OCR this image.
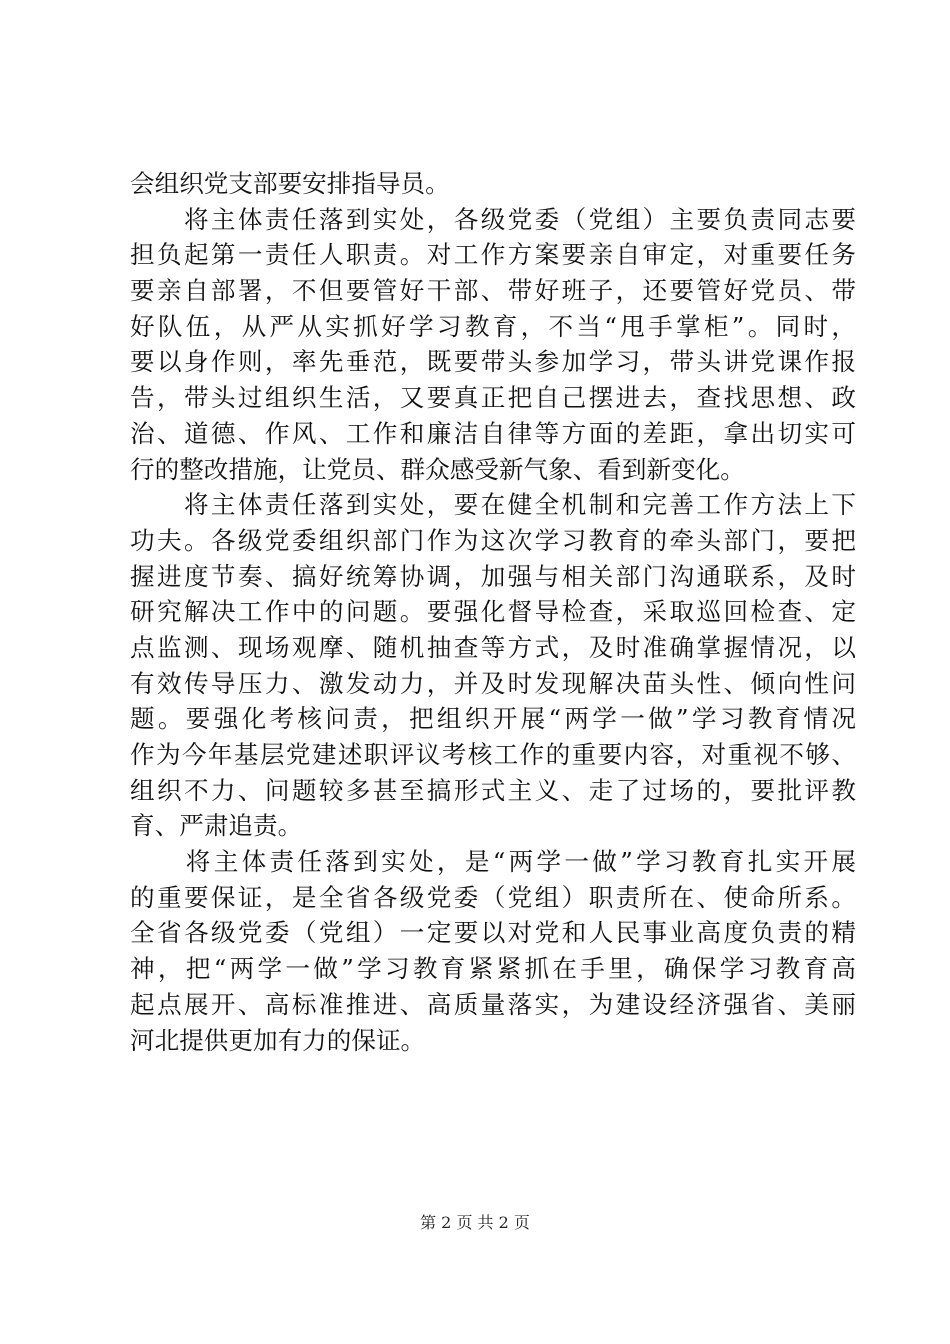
会组织党支部要安排指导员。
　　将主体责任落到实处，各级党委（党组）主要负责同志要
担负起第一责任人职责。对工作方案要亲自审定，对重要任务
要亲自部署，不但要管好干部、带好班子，还要管好党员、带
好队伍，从严从实抓好学习教育，不当“甩手掌柜”。同时，
要以身作则，率先垂范，既要带头参加学习，带头讲党课作报
告，带头过组织生活，又要真正把自己摆进去，查找思想、政
治、道德、作风、工作和廉洁自律等方面的差距，拿出切实可
行的整改措施，让党员、群众感受新气象、看到新变化。
　　将主体责任落到实处，要在健全机制和完善工作方法上下
功夫。各级党委组织部门作为这次学习教育的牵头部门，要把
握进度节奏、搞好统筹协调，加强与相关部门沟通联系，及时
研究解决工作中的问题。要强化督导检查，采取巡回检查、定
点监测、现场观摩、随机抽查等方式，及时准确掌握情况，以
有效传导压力、激发动力，并及时发现解决苗头性、倾向性问
题。要强化考核问责，把组织开展“两学一做”学习教育情况
作为今年基层党建述职评议考核工作的重要内容，对重视不够、
组织不力、问题较多甚至搞形式主义、走了过场的，要批评教
育、严肃追责。
　　将主体责任落到实处，是“两学一做”学习教育扎实开展
的重要保证，是全省各级党委（党组）职责所在、使命所系。
全省各级党委（党组）一定要以对党和人民事业高度负责的精
神，把“两学一做”学习教育紧紧抓在手里，确保学习教育高
起点展开、高标准推进、高质量落实，为建设经济强省、美丽
河北提供更加有力的保证。
第 2 页 共 2 页
